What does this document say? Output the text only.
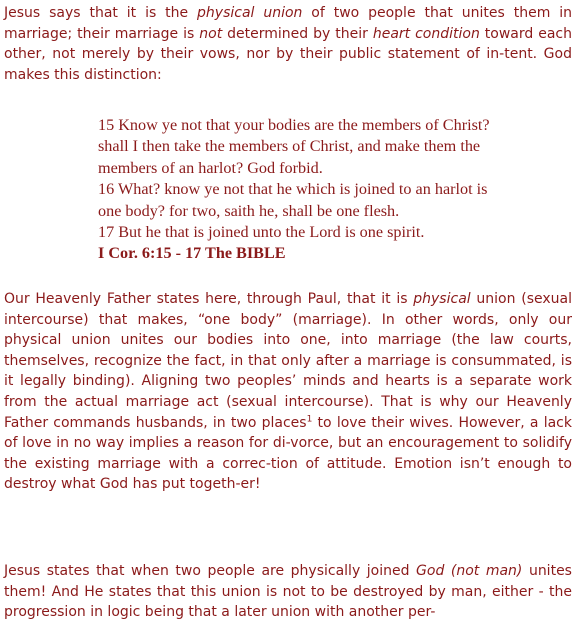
Jesus says that it is the physical union of two people that unites them in marriage; their marriage is not determined by their heart condition toward each other, not merely by their vows, nor by their public statement of in-tent. God makes this distinction:

15 Know ye not that your bodies are the members of Christ?
shall I then take the members of Christ, and make them the
members of an harlot? God forbid.
16 What? know ye not that he which is joined to an harlot is
one body? for two, saith he, shall be one flesh.
17 But he that is joined unto the Lord is one spirit.
I Cor. 6:15 - 17 The BIBLE

Our Heavenly Father states here, through Paul, that it is physical union (sexual intercourse) that makes, “one body” (marriage). In other words, only our physical union unites our bodies into one, into marriage (the law courts, themselves, recognize the fact, in that only after a marriage is consummated, is it legally binding). Aligning two peoples’ minds and hearts is a separate work from the actual marriage act (sexual intercourse). That is why our Heavenly Father commands husbands, in two places$^1$ to love their wives. However, a lack of love in no way implies a reason for di-vorce, but an encouragement to solidify the existing marriage with a correc-tion of attitude. Emotion isn’t enough to destroy what God has put togeth-er!

Jesus states that when two people are physically joined God (not man) unites them! And He states that this union is not to be destroyed by man, either - the progression in logic being that a later union with another per-
